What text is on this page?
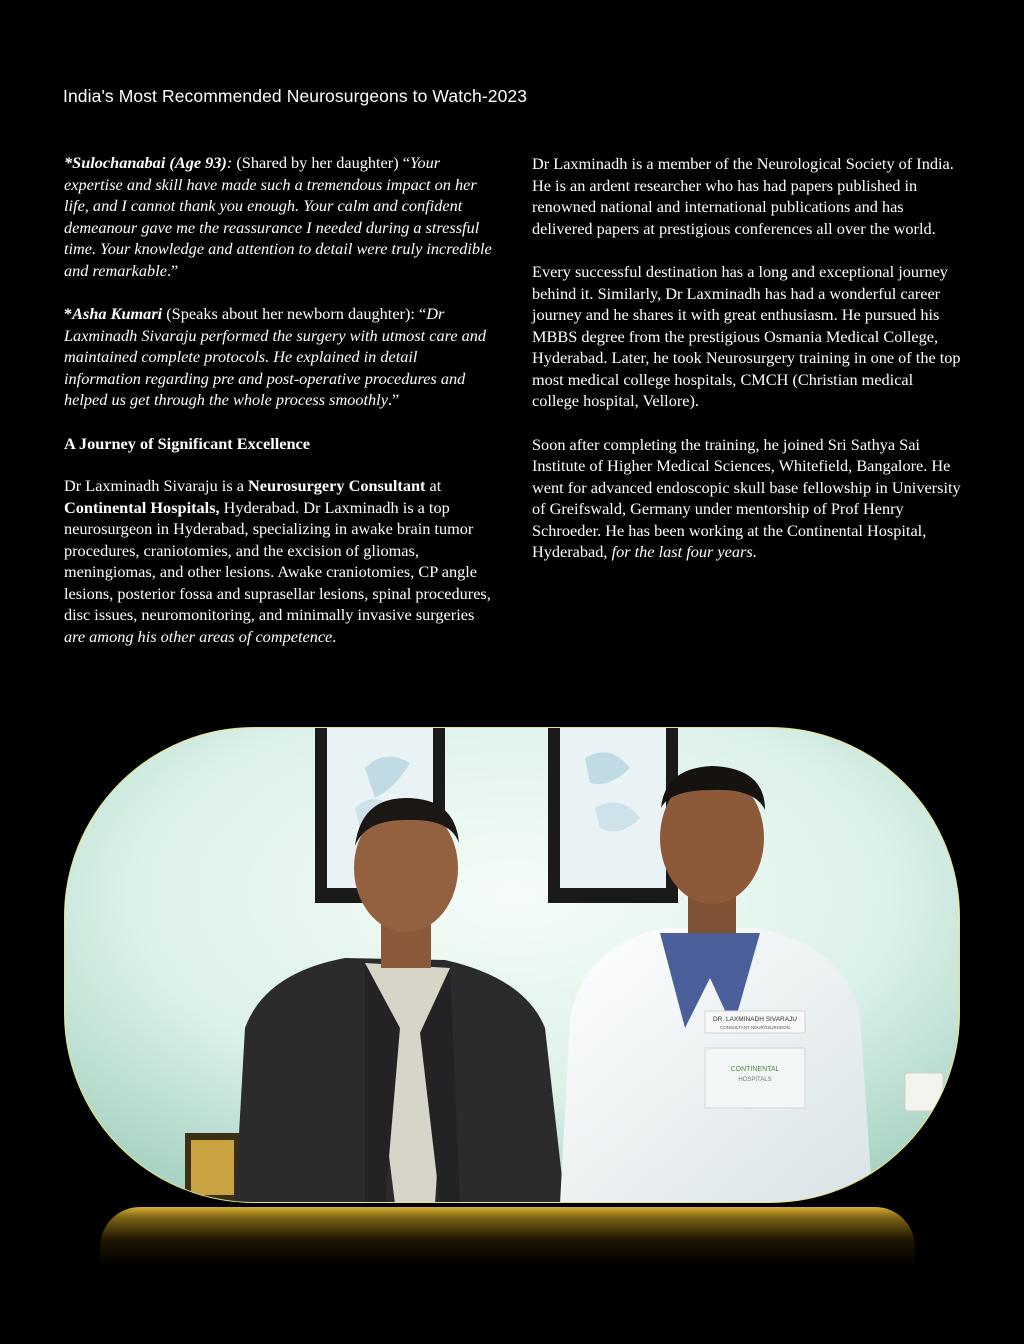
India's Most Recommended Neurosurgeons to Watch-2023

*Sulochanabai (Age 93): (Shared by her daughter) “Your expertise and skill have made such a tremendous impact on her life, and I cannot thank you enough. Your calm and confident demeanour gave me the reassurance I needed during a stressful time. Your knowledge and attention to detail were truly incredible and remarkable.”

*Asha Kumari (Speaks about her newborn daughter): “Dr Laxminadh Sivaraju performed the surgery with utmost care and maintained complete protocols. He explained in detail information regarding pre and post-operative procedures and helped us get through the whole process smoothly.”

A Journey of Significant Excellence

Dr Laxminadh Sivaraju is a Neurosurgery Consultant at Continental Hospitals, Hyderabad. Dr Laxminadh is a top neurosurgeon in Hyderabad, specializing in awake brain tumor procedures, craniotomies, and the excision of gliomas, meningiomas, and other lesions. Awake craniotomies, CP angle lesions, posterior fossa and suprasellar lesions, spinal procedures, disc issues, neuromonitoring, and minimally invasive surgeries are among his other areas of competence.

Dr Laxminadh is a member of the Neurological Society of India. He is an ardent researcher who has had papers published in renowned national and international publications and has delivered papers at prestigious conferences all over the world.

Every successful destination has a long and exceptional journey behind it. Similarly, Dr Laxminadh has had a wonderful career journey and he shares it with great enthusiasm. He pursued his MBBS degree from the prestigious Osmania Medical College, Hyderabad. Later, he took Neurosurgery training in one of the top most medical college hospitals, CMCH (Christian medical college hospital, Vellore).

Soon after completing the training, he joined Sri Sathya Sai Institute of Higher Medical Sciences, Whitefield, Bangalore. He went for advanced endoscopic skull base fellowship in University of Greifswald, Germany under mentorship of Prof Henry Schroeder. He has been working at the Continental Hospital, Hyderabad, for the last four years.

DR. LAXMINADH SIVARAJU
CONSULTANT NEUROSURGEON
CONTINENTAL
HOSPITALS
